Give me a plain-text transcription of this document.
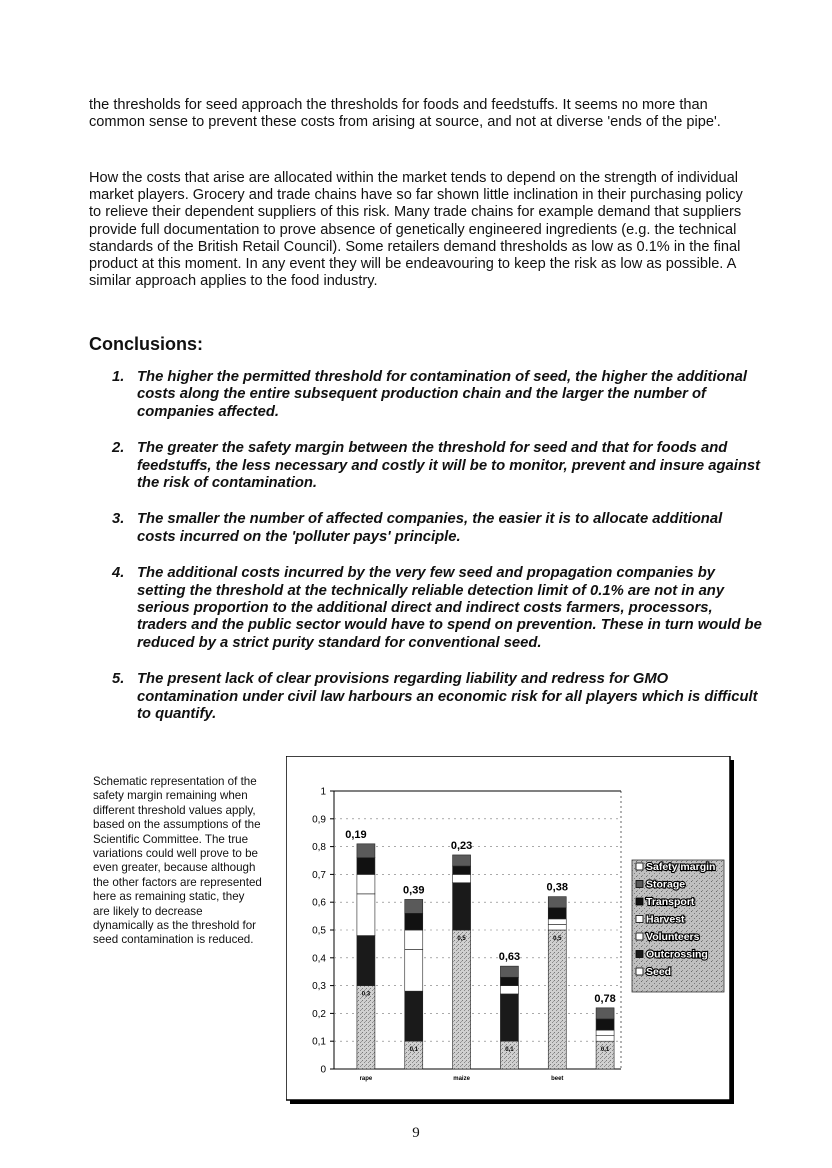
the thresholds for seed approach the thresholds for foods and feedstuffs. It seems no more than common sense to prevent these costs from arising at source, and not at diverse 'ends of the pipe'.

How the costs that arise are allocated within the market tends to depend on the strength of individual market players. Grocery and trade chains have so far shown little inclination in their purchasing policy to relieve their dependent suppliers of this risk. Many trade chains for example demand that suppliers provide full documentation to prove absence of genetically engineered ingredients (e.g. the technical standards of the British Retail Council). Some retailers demand thresholds as low as 0.1% in the final product at this moment. In any event they will be endeavouring to keep the risk as low as possible. A similar approach applies to the food industry.

Conclusions:
1. The higher the permitted threshold for contamination of seed, the higher the additional costs along the entire subsequent production chain and the larger the number of companies affected.
2. The greater the safety margin between the threshold for seed and that for foods and feedstuffs, the less necessary and costly it will be to monitor, prevent and insure against the risk of contamination.
3. The smaller the number of affected companies, the easier it is to allocate additional costs incurred on the 'polluter pays' principle.
4. The additional costs incurred by the very few seed and propagation companies by setting the threshold at the technically reliable detection limit of 0.1% are not in any serious proportion to the additional direct and indirect costs farmers, processors, traders and the public sector would have to spend on prevention. These in turn would be reduced by a strict purity standard for conventional seed.
5. The present lack of clear provisions regarding liability and redress for GMO contamination under civil law harbours an economic risk for all players which is difficult to quantify.

Schematic representation of the safety margin remaining when different threshold values apply, based on the assumptions of the Scientific Committee. The true variations could well prove to be even greater, because although the other factors are represented here as remaining static, they are likely to decrease dynamically as the threshold for seed contamination is reduced.

0
0,1
0,2
0,3
0,4
0,5
0,6
0,7
0,8
0,9
1
0,3
0,19
0,1
0,39
0,5
0,23
0,1
0,63
0,5
0,38
0,1
0,78
rape	maize	beet
Safety margin
Storage
Transport
Harvest
Volunteers
Outcrossing
Seed
9
